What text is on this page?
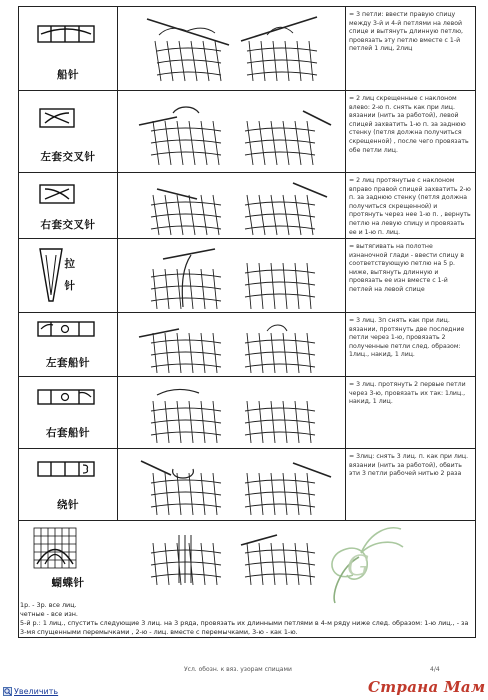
船针
= 3 петли: ввести правую спицу между 3-й и 4-й петлями на левой спице и вытянуть длинную петлю, провязать эту петлю вместе с 1-й петлей 1 лиц, 2лиц
左套交叉针
= 2 лиц скрещенные с наклоном влево: 2-ю п. снять как при лиц. вязании (нить за работой), левой спицей захватить 1-ю п. за заднюю стенку (петля должна получиться скрещенной) , после чего провязать обе петли лиц.
右套交叉针
= 2 лиц протянутые с наклоном вправо правой спицей захватить 2-ю п. за заднюю стенку (петля должна получиться скрещенной) и протянуть через нее 1-ю п. , вернуть петлю на левую спицу и провязать ее и 1-ю п. лиц.
拉针
= вытягивать на полотне изнаночной глади - ввести спицу в соответствующую петлю на 5 р. ниже, вытянуть длинную и провязать ее изн вместе с 1-й петлей на левой спице
左套船针
= 3 лиц. 3п снять как при лиц. вязании, протянуть две последние петли через 1-ю, провязать 2 полученные петли след. образом: 1лиц., накид, 1 лиц.
右套船针
= 3 лиц. протянуть 2 первые петли через 3-ю, провязать их так: 1лиц., накид, 1 лиц.
绕针
= 3лиц: снять 3 лиц. п. как при лиц. вязании (нить за работой), обвить эти 3 петли рабочей нитью 2 раза
蝴蝶针
G
1р. - 3р. все лиц.
четные - все изн.
5-й р.: 1 лиц., спустить следующие 3 лиц. на 3 ряда, провязать их длинными петлями в 4-м ряду ниже след. образом: 1-ю лиц., - за 3-мя спущенными перемычками , 2-ю - лиц. вместе с перемычками, 3-ю - как 1-ю.
Усл. обозн. к вяз. узорам спицами	4/4
Увеличить	Страна Мам
